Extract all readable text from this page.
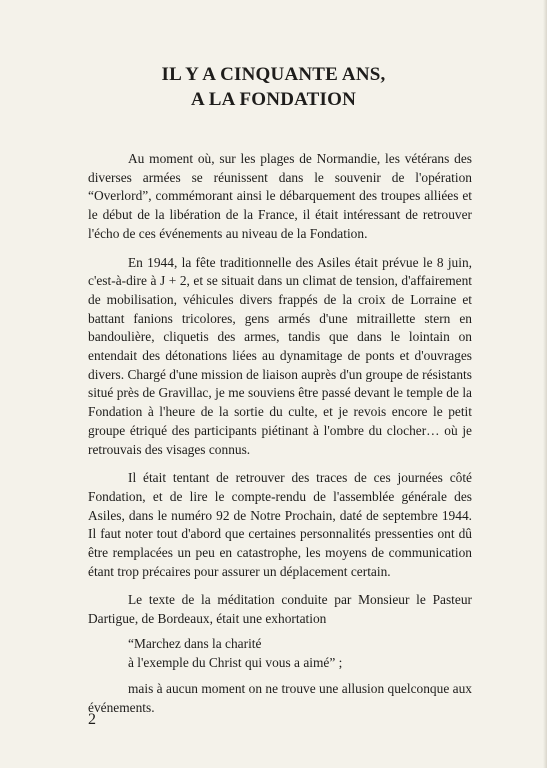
IL Y A CINQUANTE ANS,
A LA FONDATION

Au moment où, sur les plages de Normandie, les vétérans des diverses armées se réunissent dans le souvenir de l'opération “Overlord”, commémorant ainsi le débarquement des troupes alliées et le début de la libération de la France, il était intéressant de retrouver l'écho de ces événements au niveau de la Fondation.

En 1944, la fête traditionnelle des Asiles était prévue le 8 juin, c'est-à-dire à J + 2, et se situait dans un climat de tension, d'affairement de mobilisation, véhicules divers frappés de la croix de Lorraine et battant fanions tricolores, gens armés d'une mitraillette stern en bandoulière, cliquetis des armes, tandis que dans le lointain on entendait des détonations liées au dynamitage de ponts et d'ouvrages divers. Chargé d'une mission de liaison auprès d'un groupe de résistants situé près de Gravillac, je me souviens être passé devant le temple de la Fondation à l'heure de la sortie du culte, et je revois encore le petit groupe étriqué des participants piétinant à l'ombre du clocher… où je retrouvais des visages connus.

Il était tentant de retrouver des traces de ces journées côté Fondation, et de lire le compte-rendu de l'assemblée générale des Asiles, dans le numéro 92 de Notre Prochain, daté de septembre 1944. Il faut noter tout d'abord que certaines personnalités pressenties ont dû être remplacées un peu en catastrophe, les moyens de communication étant trop précaires pour assurer un déplacement certain.

Le texte de la méditation conduite par Monsieur le Pasteur Dartigue, de Bordeaux, était une exhortation

“Marchez dans la charité
à l'exemple du Christ qui vous a aimé” ;

mais à aucun moment on ne trouve une allusion quelconque aux événements.

2
